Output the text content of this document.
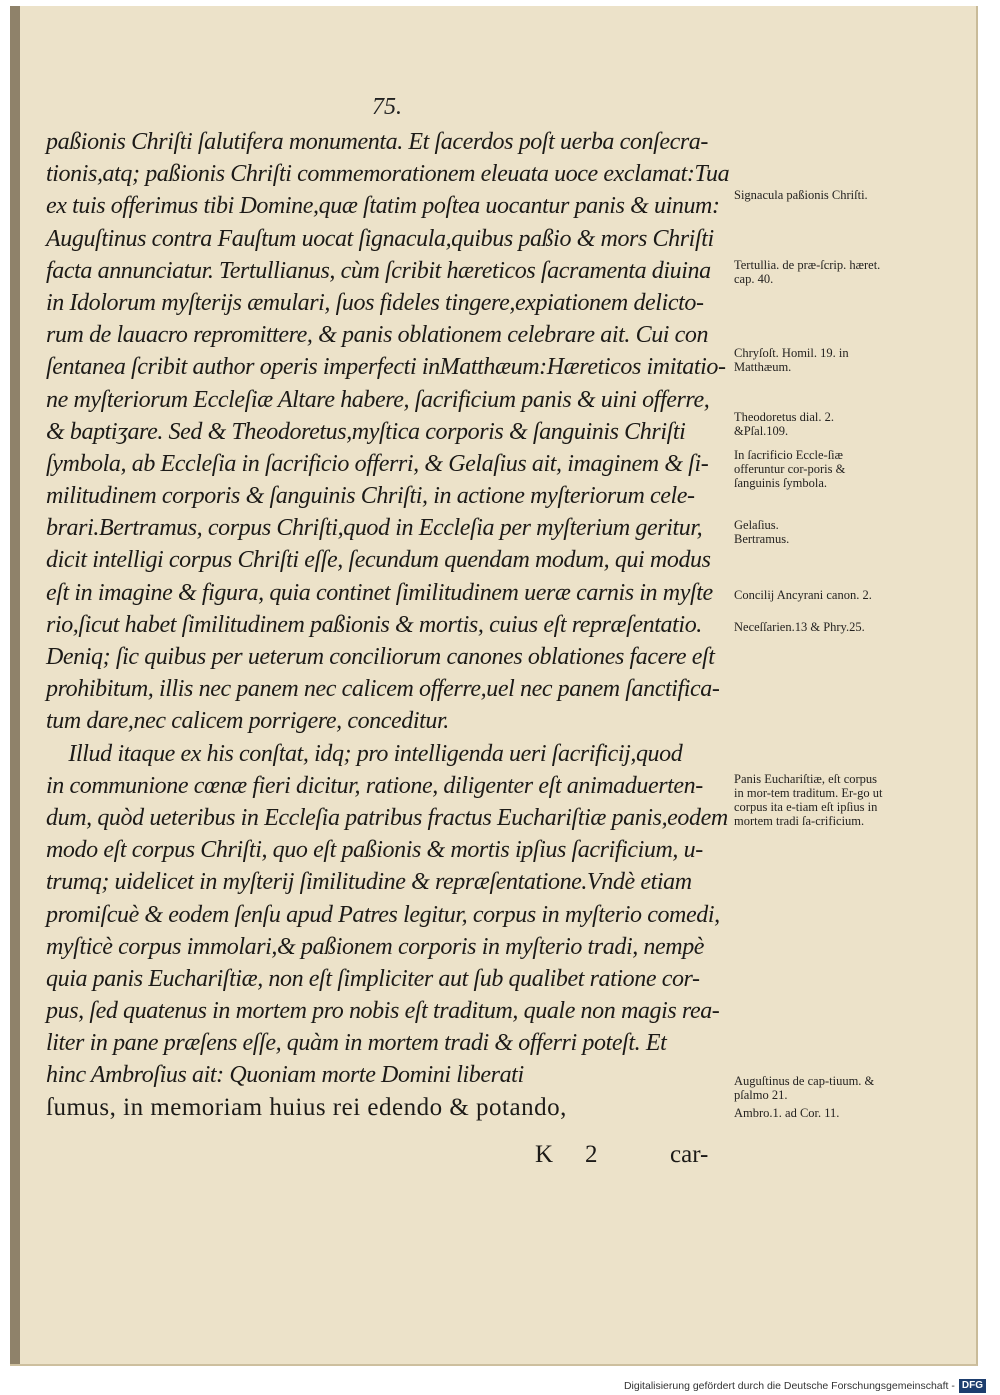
75.
paßionis Chriſti ſalutifera monumenta. Et ſacerdos poſt uerba conſecra-
tionis,atq; paßionis Chriſti commemorationem eleuata uoce exclamat:Tua
ex tuis offerimus tibi Domine,quæ ſtatim poſtea uocantur panis & uinum:
Auguſtinus contra Fauſtum uocat ſignacula,quibus paßio & mors Chriſti
facta annunciatur. Tertullianus, cùm ſcribit hæreticos ſacramenta diuina
in Idolorum myſterijs æmulari, ſuos fideles tingere,expiationem delicto-
rum de lauacro repromittere, & panis oblationem celebrare ait. Cui con
ſentanea ſcribit author operis imperfecti inMatthæum:Hæreticos imitatio-
ne myſteriorum Eccleſiæ Altare habere, ſacrificium panis & uini offerre,
& baptiʒare. Sed & Theodoretus,myſtica corporis & ſanguinis Chriſti
ſymbola, ab Eccleſia in ſacrificio offerri, & Gelaſius ait, imaginem & ſi-
militudinem corporis & ſanguinis Chriſti, in actione myſteriorum cele-
brari.Bertramus, corpus Chriſti,quod in Eccleſia per myſterium geritur,
dicit intelligi corpus Chriſti eſſe, ſecundum quendam modum, qui modus
eſt in imagine & figura, quia continet ſimilitudinem ueræ carnis in myſte
rio,ſicut habet ſimilitudinem paßionis & mortis, cuius eſt repræſentatio.
Deniq; ſic quibus per ueterum conciliorum canones oblationes facere eſt
prohibitum, illis nec panem nec calicem offerre,uel nec panem ſanctifica-
tum dare,nec calicem porrigere, conceditur.
Illud itaque ex his conſtat, idq; pro intelligenda ueri ſacrificij,quod
in communione cœnæ fieri dicitur, ratione, diligenter eſt animaduerten-
dum, quòd ueteribus in Eccleſia patribus fractus Euchariſtiæ panis,eodem
modo eſt corpus Chriſti, quo eſt paßionis & mortis ipſius ſacrificium, u-
trumq; uidelicet in myſterij ſimilitudine & repræſentatione.Vndè etiam
promiſcuè & eodem ſenſu apud Patres legitur, corpus in myſterio comedi,
myſticè corpus immolari,& paßionem corporis in myſterio tradi, nempè
quia panis Euchariſtiæ, non eſt ſimpliciter aut ſub qualibet ratione cor-
pus, ſed quatenus in mortem pro nobis eſt traditum, quale non magis rea-
liter in pane præſens eſſe, quàm in mortem tradi & offerri poteſt. Et
hinc Ambroſius ait: Quoniam morte Domini liberati
ſumus, in memoriam huius rei edendo & potando,
K 2	car-
Signacula paßionis Chriſti.
Tertullia. de præ-ſcrip. hæret. cap. 40.
Chryſoſt. Homil. 19. in Matthæum.
Theodoretus dial. 2. &Pſal.109.
In ſacrificio Eccle-ſiæ offeruntur cor-poris & ſanguinis ſymbola.
Gelaſius.
Bertramus.
Concilij Ancyrani canon. 2.
Neceſſarien.13 & Phry.25.
Panis Euchariſtiæ, eſt corpus in mor-tem traditum. Er-go ut corpus ita e-tiam eſt ipſius in mortem tradi ſa-crificium.
Auguſtinus de cap-tiuum. & pſalmo 21.
Ambro.1. ad Cor. 11.
Digitalisierung gefördert durch die Deutsche Forschungsgemeinschaft - DFG
